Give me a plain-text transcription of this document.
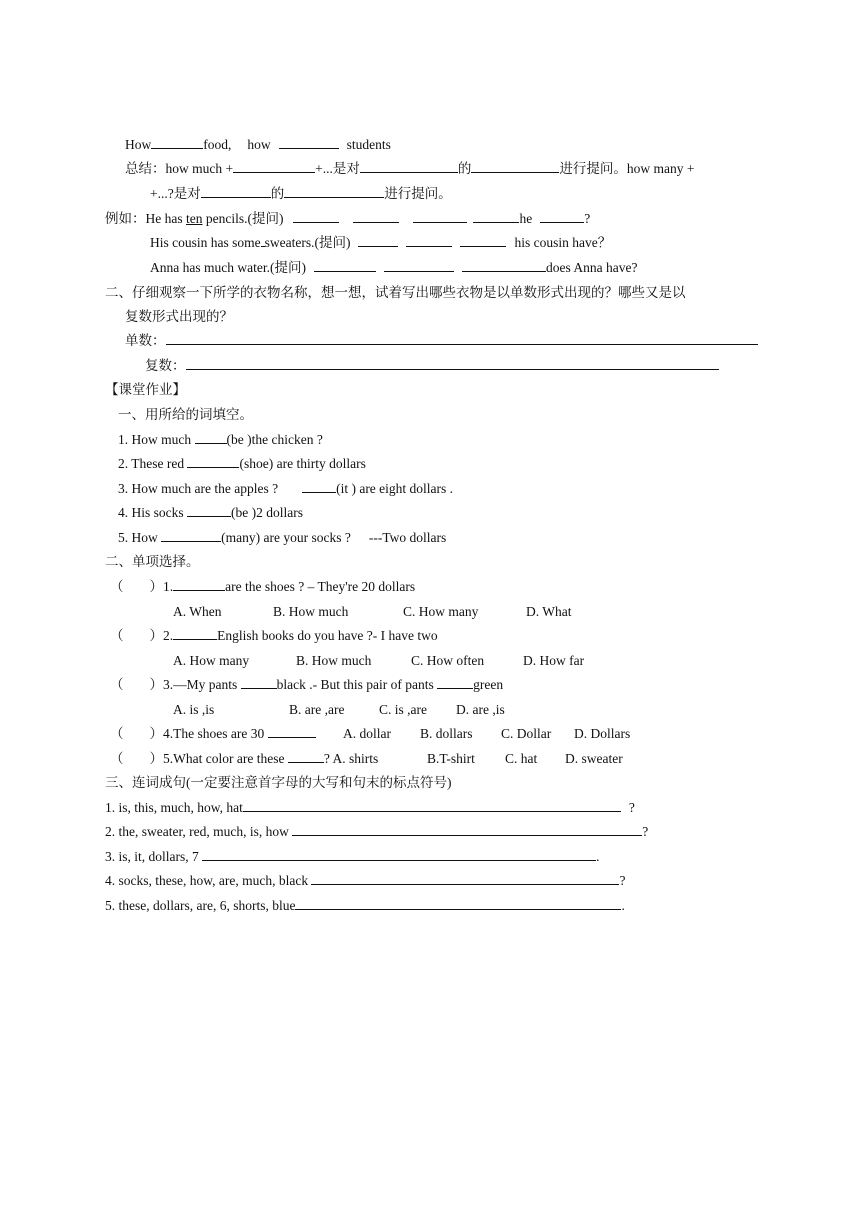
How	food, how	students
总结：how much +	+...是对	的	进行提问。how many +
+...?是对	的	进行提问。
例如：He has ten pencils.(提问)	he	?
His cousin has some sweaters.(提问)	his cousin have？
Anna has much water.(提问)	does Anna have?
二、仔细观察一下所学的衣物名称，想一想，试着写出哪些衣物是以单数形式出现的？哪些又是以
复数形式出现的？
单数：
复数：
【课堂作业】
一、用所给的词填空。
1. How much (be )the chicken ?
2. These red	(shoe) are thirty dollars
3. How much are the apples ?	(it ) are eight dollars .
4. His socks	(be )2 dollars
5. How	(many) are your socks ? ---Two dollars
二、单项选择。
（ ）1.	are the shoes ? – They're 20 dollars
A. When	B. How much	C. How many	D. What
（ ）2.	English books do you have ?- I have two
A. How many	B. How much	C. How often	D. How far
（ ）3.—My pants	black .- But this pair of pants	green
A. is ,is	B. are ,are	C. is ,are D. are ,is
（ ）4.The shoes are 30	A. dollar B. dollars C. Dollar D. Dollars
（ ）5.What color are these	? A. shirts	B.T-shirt C. hat D. sweater
三、连词成句(一定要注意首字母的大写和句末的标点符号)
1. is, this, much, how, hat	?
2. the, sweater, red, much, is, how	?
3. is, it, dollars, 7	.
4. socks, these, how, are, much, black	?
5. these, dollars, are, 6, shorts, blue	.
